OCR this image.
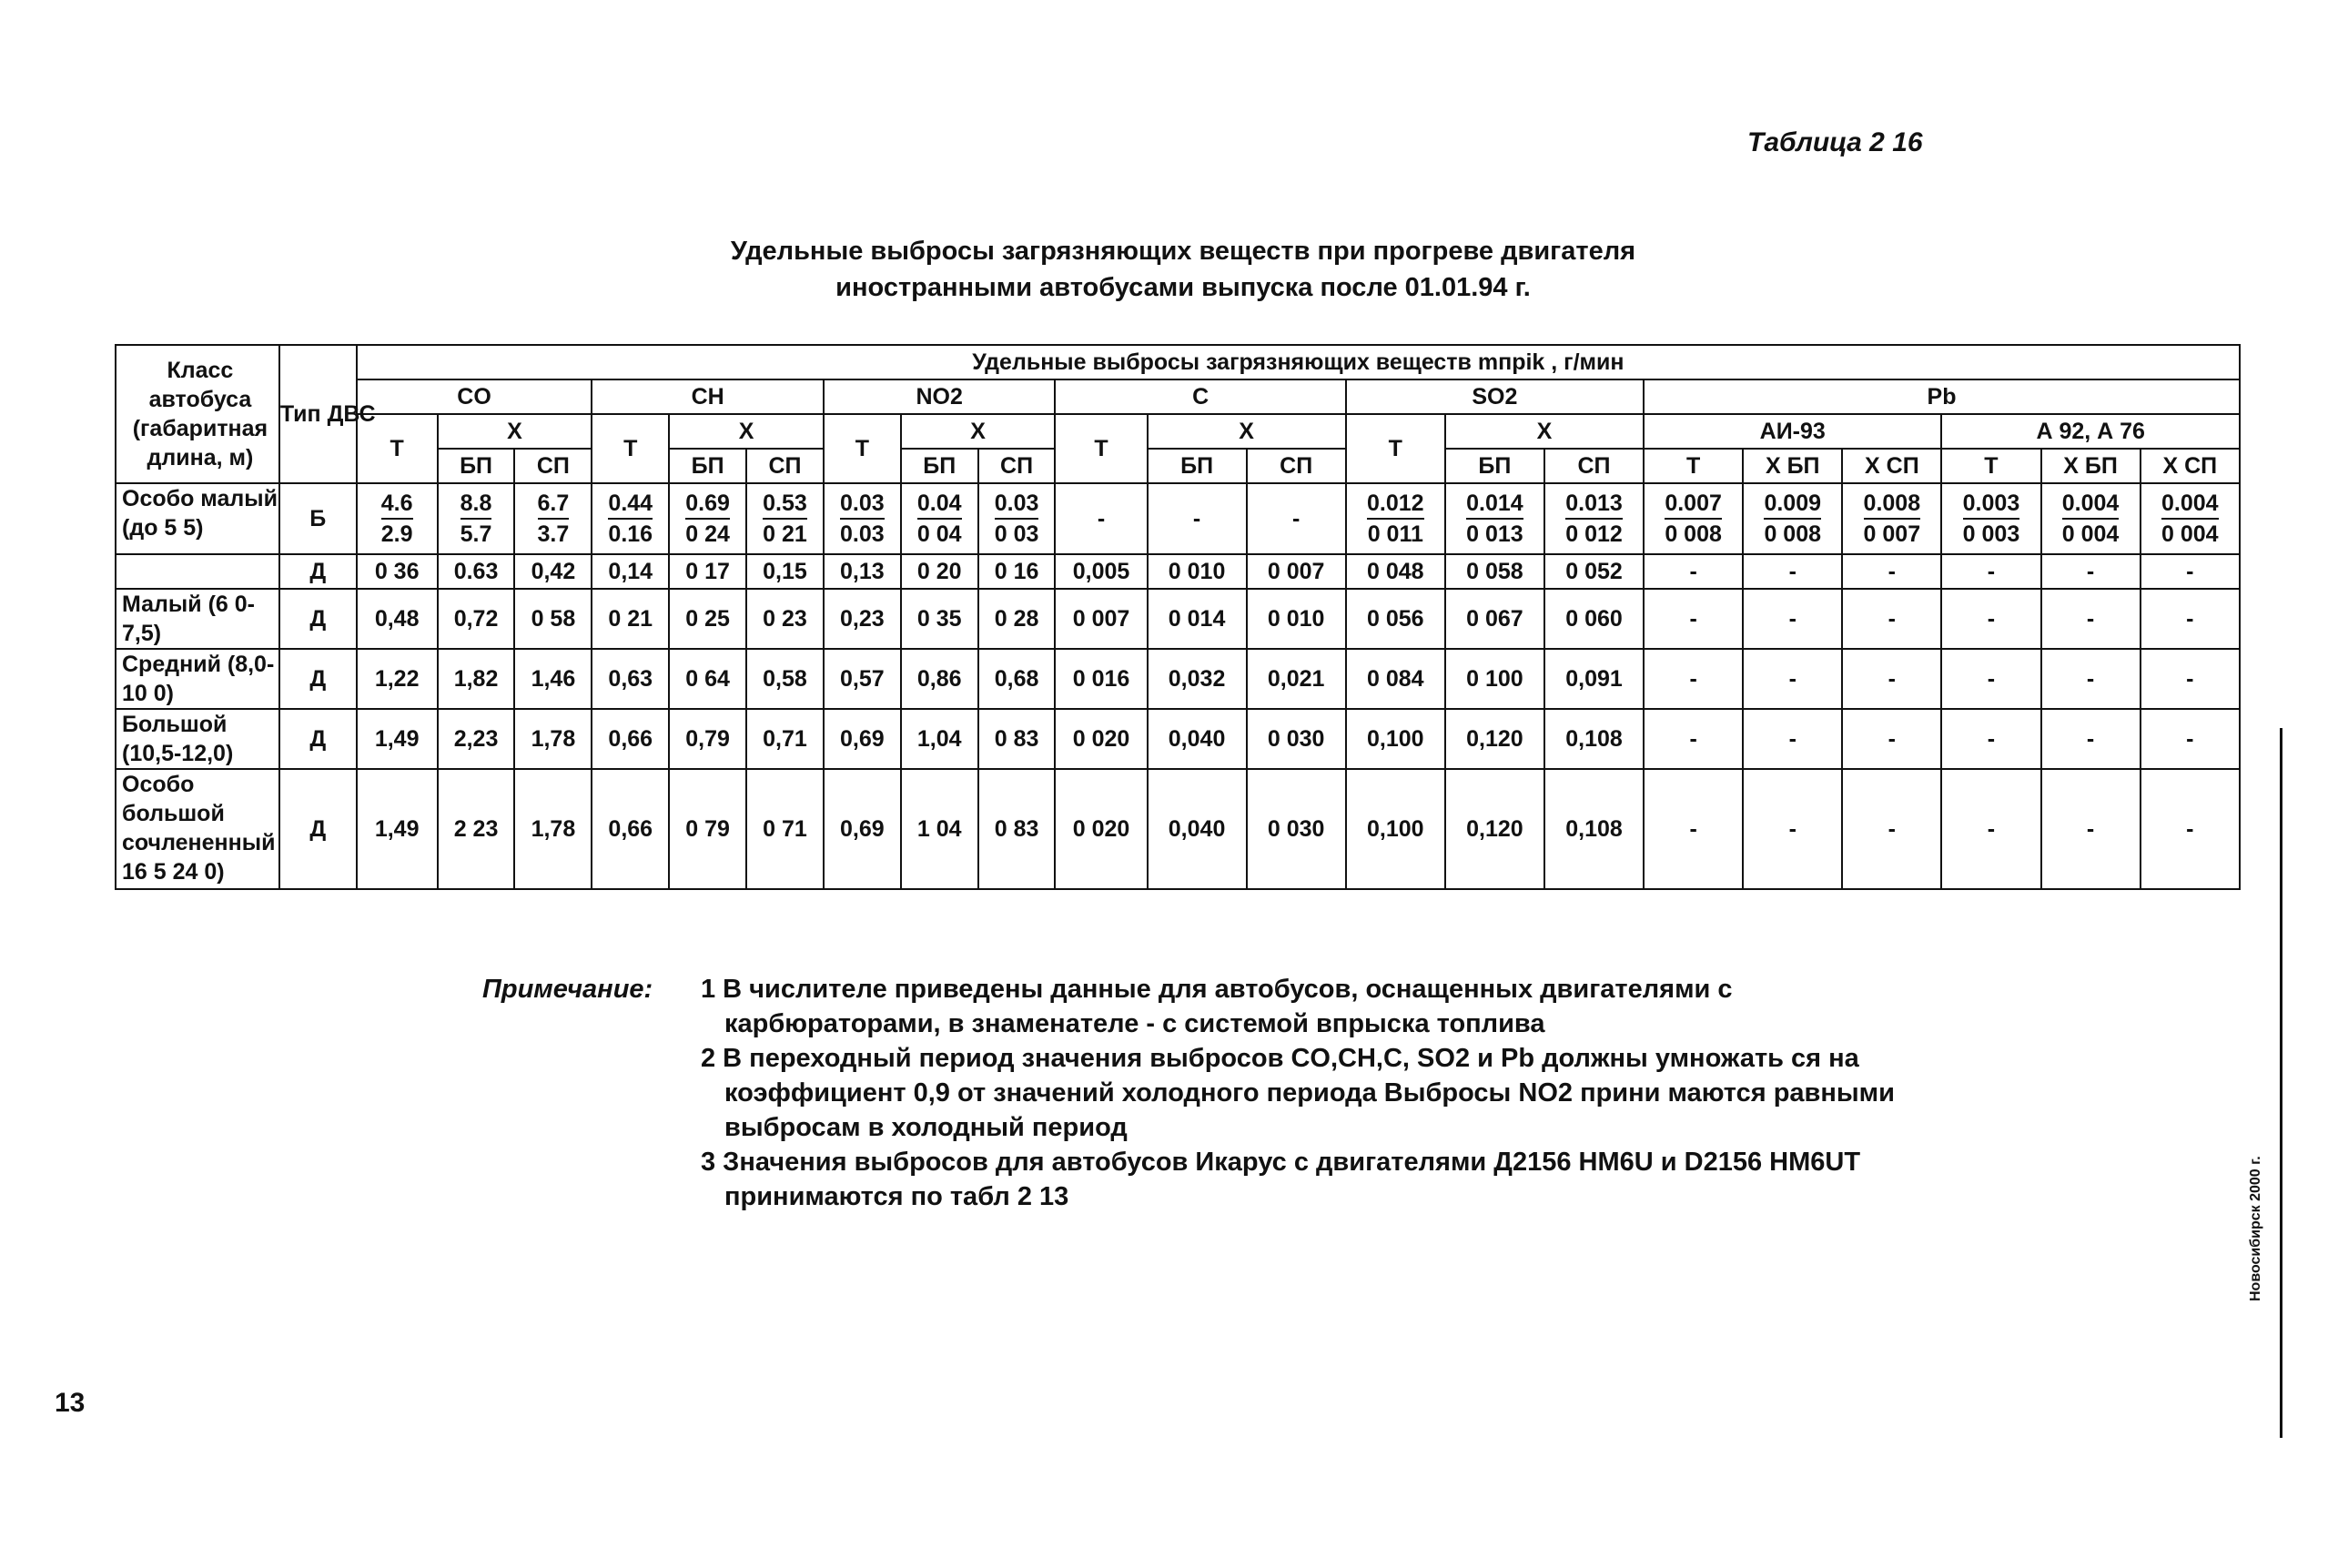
Таблица 2 16
Удельные выбросы загрязняющих веществ при прогреве двигателя
иностранными автобусами выпуска после 01.01.94 г.
Класс автобуса (габаритная длина, м)	Тип ДВС	Удельные выбросы загрязняющих веществ mпрik , г/мин																				
		CO			CH			NO2			C			SO2			Pb					
		Т	Х		Т	Х		Т	Х		Т	Х		Т	Х		АИ-93			А 92, А 76		
			БП	СП		БП	СП		БП	СП		БП	СП		БП	СП	Т	Х БП	Х СП	Т	Х БП	Х СП
Особо малый (до 5 5)	Б	$\frac{4.6}{2.9}$	$\frac{8.8}{5.7}$	$\frac{6.7}{3.7}$	$\frac{0.44}{0.16}$	$\frac{0.69}{0 24}$	$\frac{0.53}{0 21}$	$\frac{0.03}{0.03}$	$\frac{0.04}{0 04}$	$\frac{0.03}{0 03}$	-	-	-	$\frac{0.012}{0 011}$	$\frac{0.014}{0 013}$	$\frac{0.013}{0 012}$	$\frac{0.007}{0 008}$	$\frac{0.009}{0 008}$	$\frac{0.008}{0 007}$	$\frac{0.003}{0 003}$	$\frac{0.004}{0 004}$	$\frac{0.004}{0 004}$

	Д	0 36	0.63	0,42	0,14	0 17	0,15	0,13	0 20	0 16	0,005	0 010	0 007	0 048	0 058	0 052	-	-	-	-	-	-
Малый (6 0-7,5)	Д	0,48	0,72	0 58	0 21	0 25	0 23	0,23	0 35	0 28	0 007	0 014	0 010	0 056	0 067	0 060	-	-	-	-	-	-
Средний (8,0-10 0)	Д	1,22	1,82	1,46	0,63	0 64	0,58	0,57	0,86	0,68	0 016	0,032	0,021	0 084	0 100	0,091	-	-	-	-	-	-
Большой (10,5-12,0)	Д	1,49	2,23	1,78	0,66	0,79	0,71	0,69	1,04	0 83	0 020	0,040	0 030	0,100	0,120	0,108	-	-	-	-	-	-
Особо большой сочлененный 16 5 24 0)	Д	1,49	2 23	1,78	0,66	0 79	0 71	0,69	1 04	0 83	0 020	0,040	0 030	0,100	0,120	0,108	-	-	-	-	-	-
Примечание: 1 В числителе приведены данные для автобусов, оснащенных двигателями с карбюраторами, в знаменателе - с системой впрыска топлива
2 В переходный период значения выбросов CO,CH,C, SO2 и Pb должны умножать ся на коэффициент 0,9 от значений холодного периода Выбросы NO2 прини маются равными выбросам в холодный период
3 Значения выбросов для автобусов Икарус с двигателями Д2156 HM6U и D2156 HM6UT принимаются по табл 2 13
13
Новосибирск 2000 г.
